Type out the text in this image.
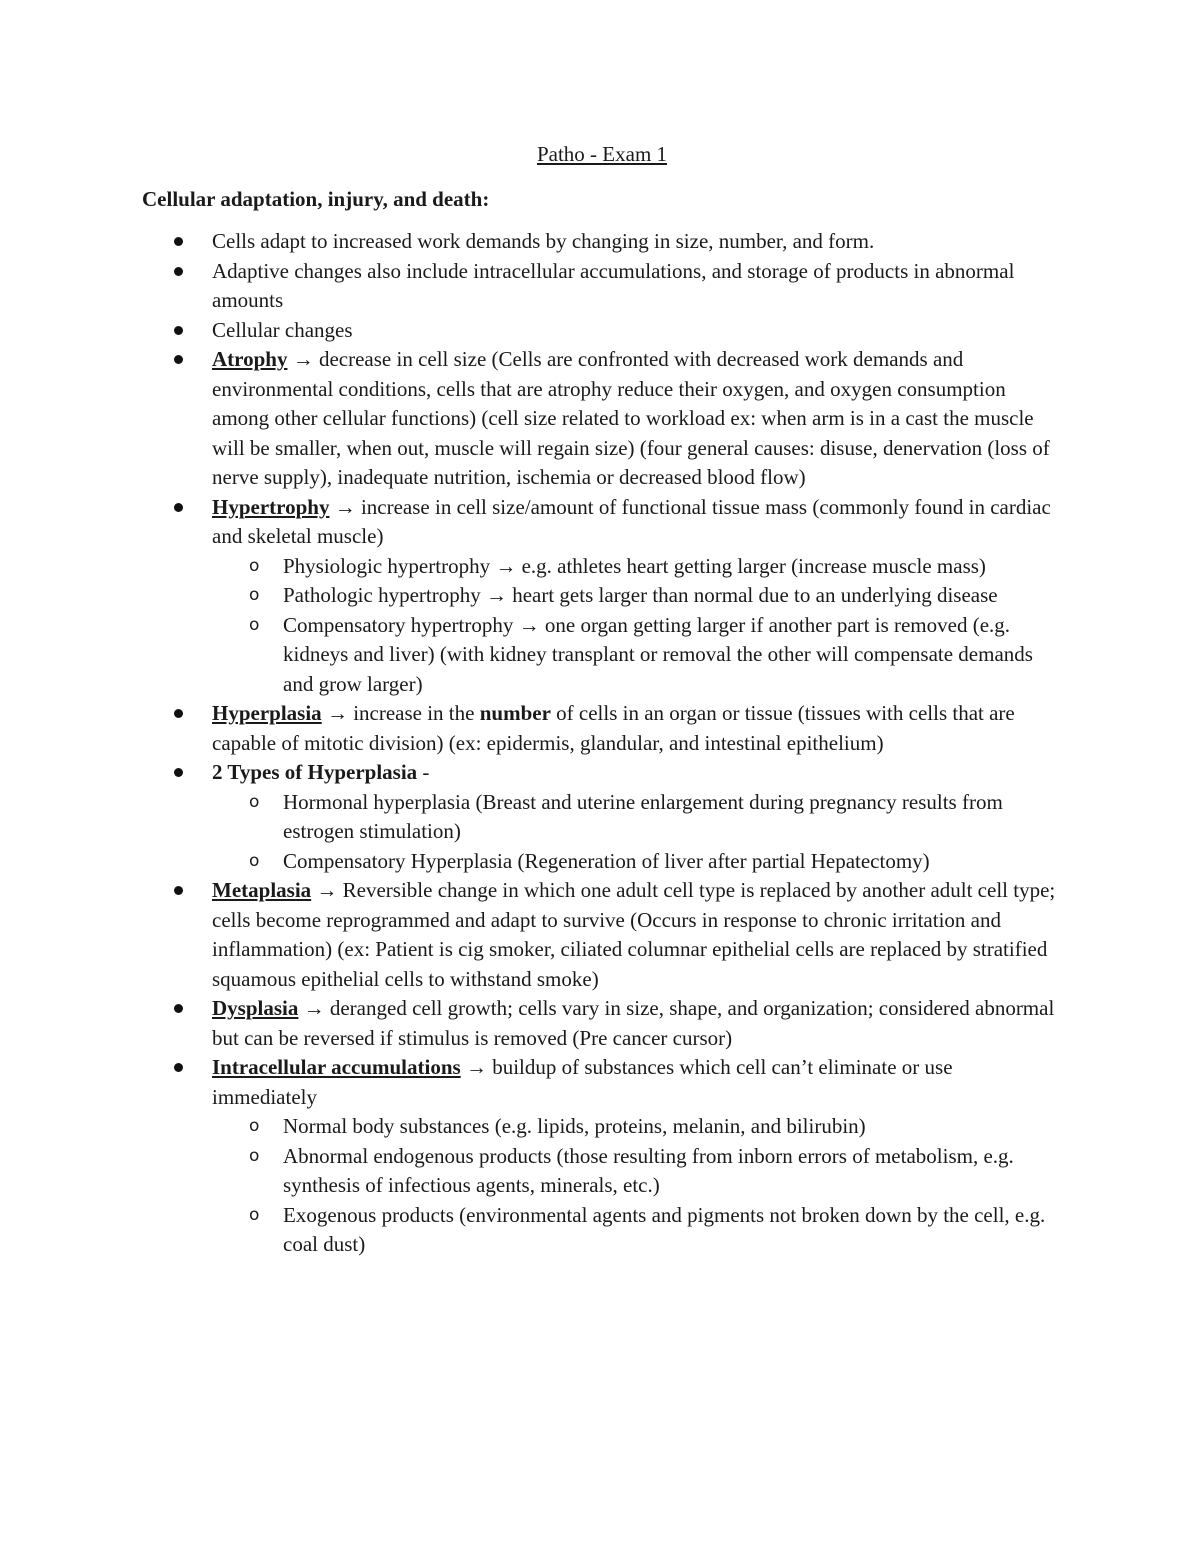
Patho - Exam 1
Cellular adaptation, injury, and death:
Cells adapt to increased work demands by changing in size, number, and form.
Adaptive changes also include intracellular accumulations, and storage of products in abnormal amounts
Cellular changes
Atrophy → decrease in cell size (Cells are confronted with decreased work demands and environmental conditions, cells that are atrophy reduce their oxygen, and oxygen consumption among other cellular functions) (cell size related to workload ex: when arm is in a cast the muscle will be smaller, when out, muscle will regain size) (four general causes: disuse, denervation (loss of nerve supply), inadequate nutrition, ischemia or decreased blood flow)
Hypertrophy → increase in cell size/amount of functional tissue mass (commonly found in cardiac and skeletal muscle)
o Physiologic hypertrophy → e.g. athletes heart getting larger (increase muscle mass)
o Pathologic hypertrophy → heart gets larger than normal due to an underlying disease
o Compensatory hypertrophy → one organ getting larger if another part is removed (e.g. kidneys and liver) (with kidney transplant or removal the other will compensate demands and grow larger)
Hyperplasia → increase in the number of cells in an organ or tissue (tissues with cells that are capable of mitotic division) (ex: epidermis, glandular, and intestinal epithelium)
2 Types of Hyperplasia -
o Hormonal hyperplasia (Breast and uterine enlargement during pregnancy results from estrogen stimulation)
o Compensatory Hyperplasia (Regeneration of liver after partial Hepatectomy)
Metaplasia → Reversible change in which one adult cell type is replaced by another adult cell type; cells become reprogrammed and adapt to survive (Occurs in response to chronic irritation and inflammation) (ex: Patient is cig smoker, ciliated columnar epithelial cells are replaced by stratified squamous epithelial cells to withstand smoke)
Dysplasia → deranged cell growth; cells vary in size, shape, and organization; considered abnormal but can be reversed if stimulus is removed (Pre cancer cursor)
Intracellular accumulations → buildup of substances which cell can’t eliminate or use immediately
o Normal body substances (e.g. lipids, proteins, melanin, and bilirubin)
o Abnormal endogenous products (those resulting from inborn errors of metabolism, e.g. synthesis of infectious agents, minerals, etc.)
o Exogenous products (environmental agents and pigments not broken down by the cell, e.g. coal dust)
